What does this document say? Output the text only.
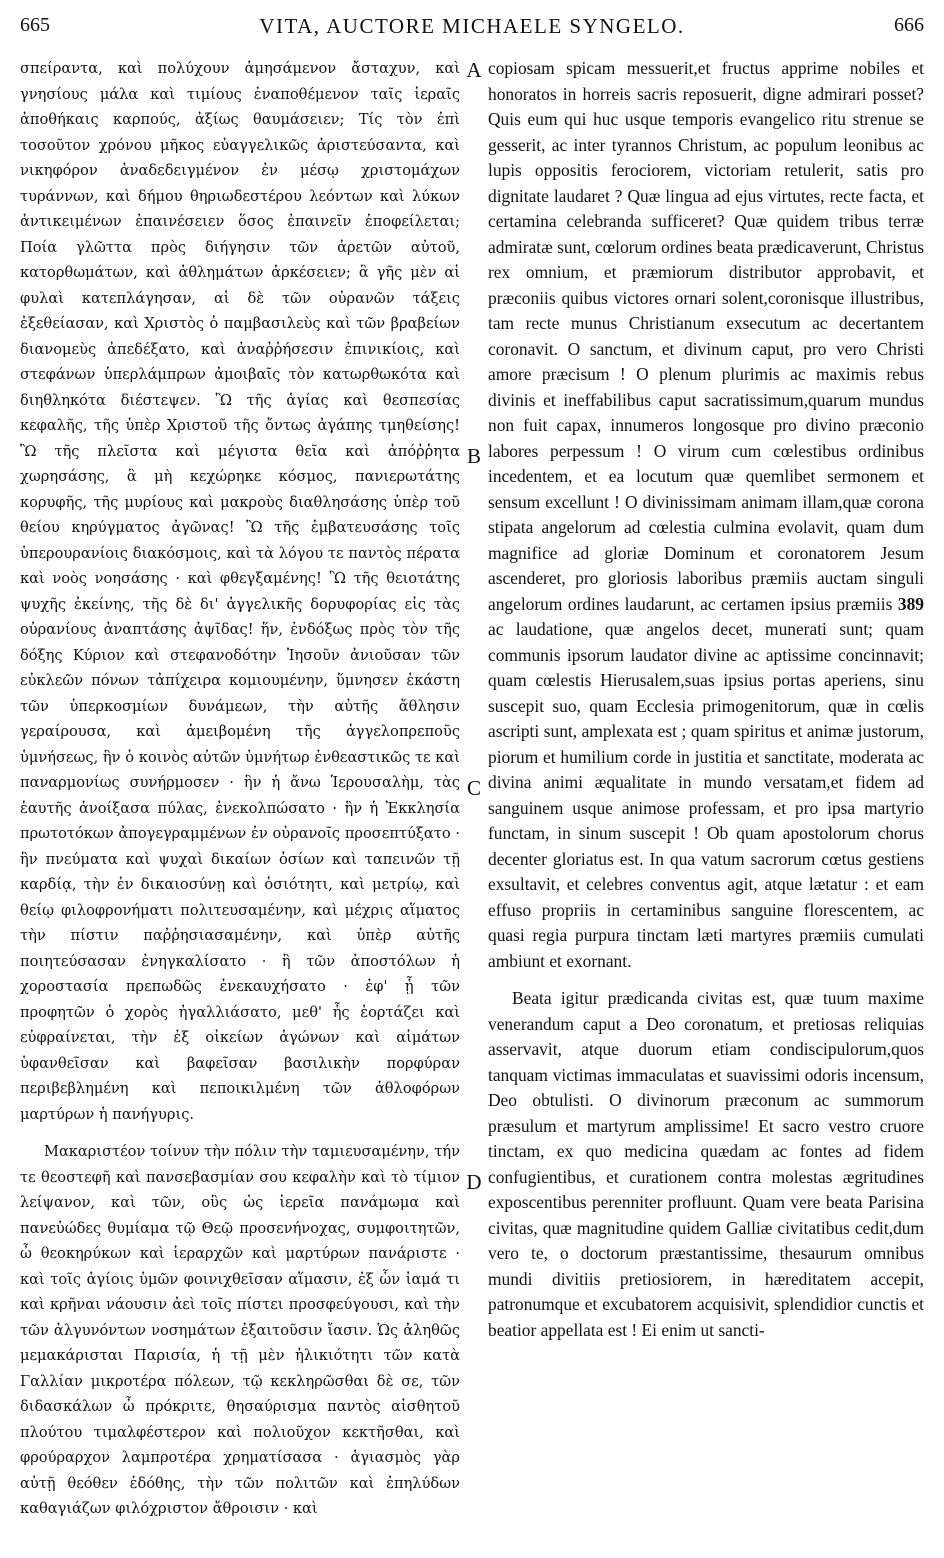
665	VITA, AUCTORE MICHAELE SYNGELO.	666

σπείραντα, καὶ πολύχουν ἀμησάμενον ἄσταχυν, καὶ γνησίους μάλα καὶ τιμίους ἐναποθέμενον ταῖς ἱεραῖς ἀποθήκαις καρπούς, ἀξίως θαυμάσειεν; Τίς τὸν ἐπὶ τοσοῦτον χρόνου μῆκος εὐαγγελικῶς ἀριστεύσαντα, καὶ νικηφόρον ἀναδεδειγμένον ἐν μέσῳ χριστομάχων τυράννων, καὶ δήμου θηριωδεστέρου λεόντων καὶ λύκων ἀντικειμένων ἐπαινέσειεν ὅσος ἐπαινεῖν ἐποφείλεται; Ποία γλῶττα πρὸς διήγησιν τῶν ἀρετῶν αὐτοῦ, κατορθωμάτων, καὶ ἀθλημάτων ἀρκέσειεν; ἃ γῆς μὲν αἱ φυλαὶ κατεπλάγησαν, αἱ δὲ τῶν οὐρανῶν τάξεις ἐξεθείασαν, καὶ Χριστὸς ὁ παμβασιλεὺς καὶ τῶν βραβείων διανομεὺς ἀπεδέξατο, καὶ ἀναῤῥήσεσιν ἐπινικίοις, καὶ στεφάνων ὑπερλάμπρων ἀμοιβαῖς τὸν κατωρθωκότα καὶ διηθληκότα διέστεψεν. Ὢ τῆς ἁγίας καὶ θεσπεσίας κεφαλῆς, τῆς ὑπὲρ Χριστοῦ τῆς ὄντως ἀγάπης τμηθείσης! Ὢ τῆς πλεῖστα καὶ μέγιστα θεῖα καὶ ἀπόῤῥητα χωρησάσης, ἃ μὴ κεχώρηκε κόσμος, πανιερωτάτης κορυφῆς, τῆς μυρίους καὶ μακροὺς διαθλησάσης ὑπὲρ τοῦ θείου κηρύγματος ἀγῶνας! Ὢ τῆς ἐμβατευσάσης τοῖς ὑπερουρανίοις διακόσμοις, καὶ τὰ λόγου τε παντὸς πέρατα καὶ νοὸς νοησάσης · καὶ φθεγξαμένης! Ὢ τῆς θειοτάτης ψυχῆς ἐκείνης, τῆς δὲ δι' ἀγγελικῆς δορυφορίας εἰς τὰς οὐρανίους ἀναπτάσης ἀψῖδας! ἥν, ἐνδόξως πρὸς τὸν τῆς δόξης Κύριον καὶ στεφανοδότην Ἰησοῦν ἀνιοῦσαν τῶν εὐκλεῶν πόνων τἀπίχειρα κομιουμένην, ὕμνησεν ἑκάστη τῶν ὑπερκοσμίων δυνάμεων, τὴν αὐτῆς ἄθλησιν γεραίρουσα, καὶ ἀμειβομένη τῆς ἀγγελοπρεποῦς ὑμνήσεως, ἣν ὁ κοινὸς αὐτῶν ὑμνήτωρ ἐνθεαστικῶς τε καὶ παναρμονίως συνήρμοσεν · ἣν ἡ ἄνω Ἱερουσαλὴμ, τὰς ἑαυτῆς ἀνοίξασα πύλας, ἐνεκολπώσατο · ἣν ἡ Ἐκκλησία πρωτοτόκων ἀπογεγραμμένων ἐν οὐρανοῖς προσεπτύξατο · ἣν πνεύματα καὶ ψυχαὶ δικαίων ὁσίων καὶ ταπεινῶν τῇ καρδίᾳ, τὴν ἐν δικαιοσύνῃ καὶ ὁσιότητι, καὶ μετρίῳ, καὶ θείῳ φιλοφρονήματι πολιτευσαμένην, καὶ μέχρις αἵματος τὴν πίστιν παῤῥησιασαμένην, καὶ ὑπὲρ αὐτῆς ποιητεύσασαν ἐνηγκαλίσατο · ἣ τῶν ἀποστόλων ἡ χοροστασία πρεπωδῶς ἐνεκαυχήσατο · ἐφ' ᾗ τῶν προφητῶν ὁ χορὸς ἠγαλλιάσατο, μεθ' ἧς ἑορτάζει καὶ εὐφραίνεται, τὴν ἐξ οἰκείων ἀγώνων καὶ αἱμάτων ὑφανθεῖσαν καὶ βαφεῖσαν βασιλικὴν πορφύραν περιβεβλημένη καὶ πεποικιλμένη τῶν ἀθλοφόρων μαρτύρων ἡ πανήγυρις.

Μακαριστέον τοίνυν τὴν πόλιν τὴν ταμιευσαμένην, τήν τε θεοστεφῆ καὶ πανσεβασμίαν σου κεφαλὴν καὶ τὸ τίμιον λείψανον, καὶ τῶν, οὓς ὡς ἱερεῖα πανάμωμα καὶ πανεὐώδες θυμίαμα τῷ Θεῷ προσενήνοχας, συμφοιτητῶν, ὦ θεοκηρύκων καὶ ἱεραρχῶν καὶ μαρτύρων πανάριστε · καὶ τοῖς ἁγίοις ὑμῶν φοινιχθεῖσαν αἵμασιν, ἐξ ὧν ἰαμά τι καὶ κρῆναι νάουσιν ἀεὶ τοῖς πίστει προσφεύγουσι, καὶ τὴν τῶν ἀλγυνόντων νοσημάτων ἐξαιτοῦσιν ἴασιν. Ὡς ἀληθῶς μεμακάρισται Παρισία, ἡ τῇ μὲν ἡλικιότητι τῶν κατὰ Γαλλίαν μικροτέρα πόλεων, τῷ κεκληρῶσθαι δὲ σε, τῶν διδασκάλων ὦ πρόκριτε, θησαύρισμα παντὸς αἰσθητοῦ πλούτου τιμαλφέστερον καὶ πολιοῦχον κεκτῆσθαι, καὶ φρούραρχον λαμπροτέρα χρηματίσασα · ἁγιασμὸς γὰρ αὐτῇ θεόθεν ἐδόθης, τὴν τῶν πολιτῶν καὶ ἐπηλύδων καθαγιάζων φιλόχριστον ἄθροισιν · καὶ

A
B
C
D

copiosam spicam messuerit,et fructus apprime nobiles et honoratos in horreis sacris reposuerit, digne admirari posset? Quis eum qui huc usque temporis evangelico ritu strenue se gesserit, ac inter tyrannos Christum, ac populum leonibus ac lupis oppositis ferociorem, victoriam retulerit, satis pro dignitate laudaret ? Quæ lingua ad ejus virtutes, recte facta, et certamina celebranda sufficeret? Quæ quidem tribus terræ admiratæ sunt, cœlorum ordines beata prædicaverunt, Christus rex omnium, et præmiorum distributor approbavit, et præconiis quibus victores ornari solent,coronisque illustribus, tam recte munus Christianum exsecutum ac decertantem coronavit. O sanctum, et divinum caput, pro vero Christi amore præcisum ! O plenum plurimis ac maximis rebus divinis et ineffabilibus caput sacratissimum,quarum mundus non fuit capax, innumeros longosque pro divino præconio labores perpessum ! O virum cum cœlestibus ordinibus incedentem, et ea locutum quæ quemlibet sermonem et sensum excellunt ! O divinissimam animam illam,quæ corona stipata angelorum ad cœlestia culmina evolavit, quam dum magnifice ad gloriæ Dominum et coronatorem Jesum ascenderet, pro gloriosis laboribus præmiis auctam singuli angelorum ordines laudarunt, ac certamen ipsius præmiis 389 ac laudatione, quæ angelos decet, munerati sunt; quam communis ipsorum laudator divine ac aptissime concinnavit; quam cœlestis Hierusalem,suas ipsius portas aperiens, sinu suscepit suo, quam Ecclesia primogenitorum, quæ in cœlis ascripti sunt, amplexata est ; quam spiritus et animæ justorum, piorum et humilium corde in justitia et sanctitate, moderata ac divina animi æqualitate in mundo versatam,et fidem ad sanguinem usque animose professam, et pro ipsa martyrio functam, in sinum suscepit ! Ob quam apostolorum chorus decenter gloriatus est. In qua vatum sacrorum cœtus gestiens exsultavit, et celebres conventus agit, atque lætatur : et eam effuso propriis in certaminibus sanguine florescentem, ac quasi regia purpura tinctam læti martyres præmiis cumulati ambiunt et exornant.

Beata igitur prædicanda civitas est, quæ tuum maxime venerandum caput a Deo coronatum, et pretiosas reliquias asservavit, atque duorum etiam condiscipulorum,quos tanquam victimas immaculatas et suavissimi odoris incensum, Deo obtulisti. O divinorum præconum ac summorum præsulum et martyrum amplissime! Et sacro vestro cruore tinctam, ex quo medicina quædam ac fontes ad fidem confugientibus, et curationem contra molestas ægritudines exposcentibus perenniter profluunt. Quam vere beata Parisina civitas, quæ magnitudine quidem Galliæ civitatibus cedit,dum vero te, o doctorum præstantissime, thesaurum omnibus mundi divitiis pretiosiorem, in hæreditatem accepit, patronumque et excubatorem acquisivit, splendidior cunctis et beatior appellata est ! Ei enim ut sancti-
